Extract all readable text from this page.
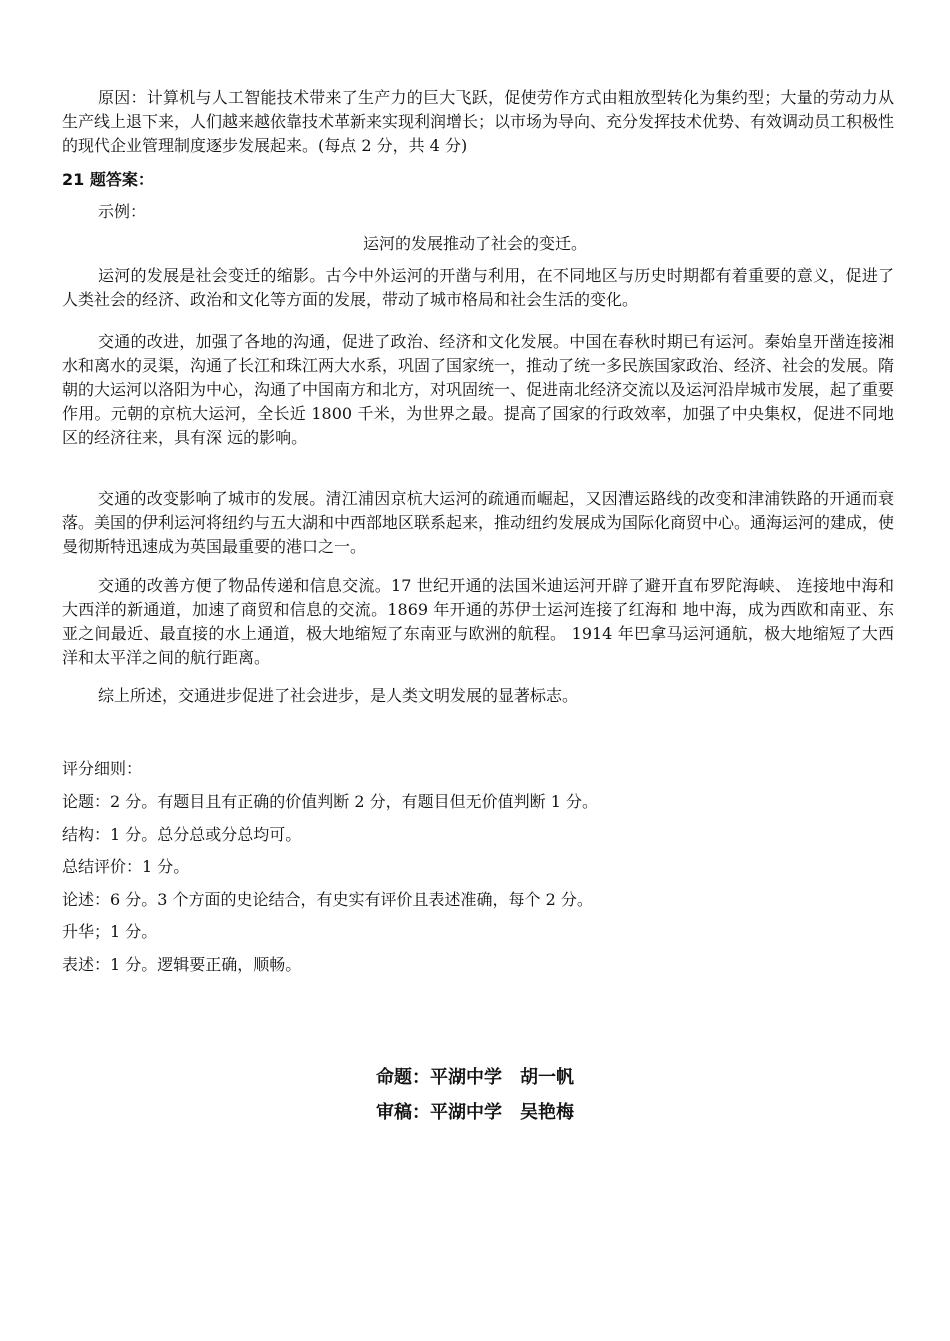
原因：计算机与人工智能技术带来了生产力的巨大飞跃，促使劳作方式由粗放型转化为集约型；大量的劳动力从生产线上退下来，人们越来越依靠技术革新来实现利润增长；以市场为导向、充分发挥技术优势、有效调动员工积极性的现代企业管理制度逐步发展起来。(每点 2 分，共 4 分)

21 题答案：
示例：
运河的发展推动了社会的变迁。

运河的发展是社会变迁的缩影。古今中外运河的开凿与利用，在不同地区与历史时期都有着重要的意义，促进了人类社会的经济、政治和文化等方面的发展，带动了城市格局和社会生活的变化。

交通的改进，加强了各地的沟通，促进了政治、经济和文化发展。中国在春秋时期已有运河。秦始皇开凿连接湘水和离水的灵渠，沟通了长江和珠江两大水系，巩固了国家统一，推动了统一多民族国家政治、经济、社会的发展。隋朝的大运河以洛阳为中心，沟通了中国南方和北方，对巩固统一、促进南北经济交流以及运河沿岸城市发展，起了重要作用。元朝的京杭大运河，全长近 1800 千米，为世界之最。提高了国家的行政效率，加强了中央集权，促进不同地区的经济往来，具有深 远的影响。

交通的改变影响了城市的发展。清江浦因京杭大运河的疏通而崛起，又因漕运路线的改变和津浦铁路的开通而衰落。美国的伊利运河将纽约与五大湖和中西部地区联系起来，推动纽约发展成为国际化商贸中心。通海运河的建成，使曼彻斯特迅速成为英国最重要的港口之一。

交通的改善方便了物品传递和信息交流。17 世纪开通的法国米迪运河开辟了避开直布罗陀海峡、 连接地中海和大西洋的新通道，加速了商贸和信息的交流。1869 年开通的苏伊士运河连接了红海和 地中海，成为西欧和南亚、东亚之间最近、最直接的水上通道，极大地缩短了东南亚与欧洲的航程。 1914 年巴拿马运河通航，极大地缩短了大西洋和太平洋之间的航行距离。

综上所述，交通进步促进了社会进步，是人类文明发展的显著标志。

评分细则：
论题：2 分。有题目且有正确的价值判断 2 分，有题目但无价值判断 1 分。
结构：1 分。总分总或分总均可。
总结评价：1 分。
论述：6 分。3 个方面的史论结合，有史实有评价且表述准确，每个 2 分。
升华；1 分。
表述：1 分。逻辑要正确，顺畅。
命题：平湖中学　胡一帆
审稿：平湖中学　吴艳梅
